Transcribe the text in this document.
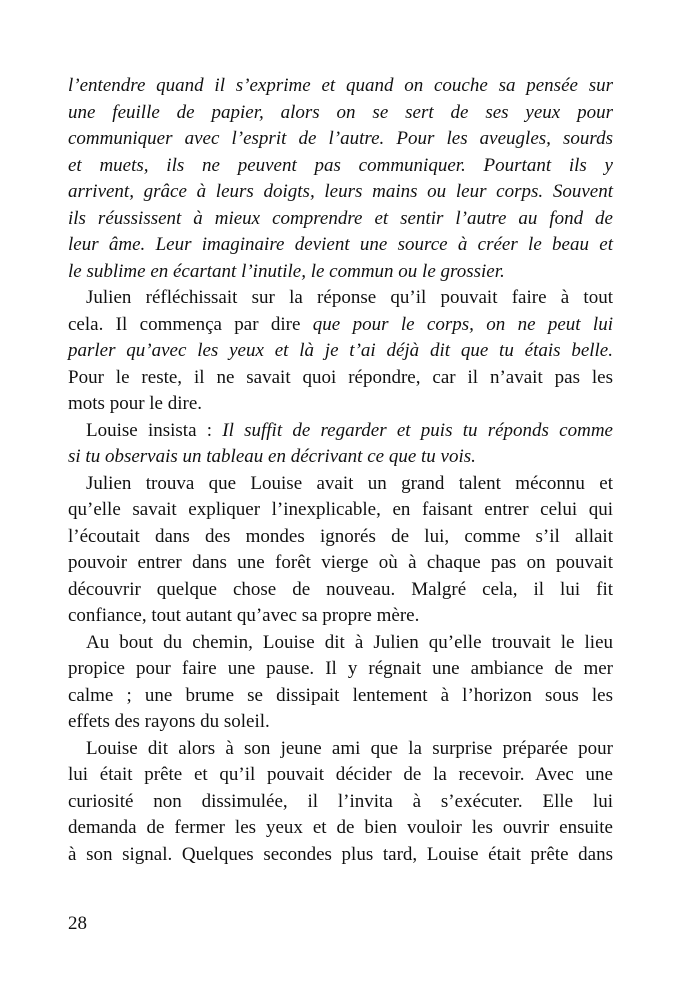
l’entendre quand il s’exprime et quand on couche sa pensée sur
une feuille de papier, alors on se sert de ses yeux pour
communiquer avec l’esprit de l’autre. Pour les aveugles, sourds
et muets, ils ne peuvent pas communiquer. Pourtant ils y
arrivent, grâce à leurs doigts, leurs mains ou leur corps. Souvent
ils réussissent à mieux comprendre et sentir l’autre au fond de
leur âme. Leur imaginaire devient une source à créer le beau et
le sublime en écartant l’inutile, le commun ou le grossier.
Julien réfléchissait sur la réponse qu’il pouvait faire à tout
cela. Il commença par dire que pour le corps, on ne peut lui
parler qu’avec les yeux et là je t’ai déjà dit que tu étais belle.
Pour le reste, il ne savait quoi répondre, car il n’avait pas les
mots pour le dire.
Louise insista : Il suffit de regarder et puis tu réponds comme
si tu observais un tableau en décrivant ce que tu vois.
Julien trouva que Louise avait un grand talent méconnu et
qu’elle savait expliquer l’inexplicable, en faisant entrer celui qui
l’écoutait dans des mondes ignorés de lui, comme s’il allait
pouvoir entrer dans une forêt vierge où à chaque pas on pouvait
découvrir quelque chose de nouveau. Malgré cela, il lui fit
confiance, tout autant qu’avec sa propre mère.
Au bout du chemin, Louise dit à Julien qu’elle trouvait le lieu
propice pour faire une pause. Il y régnait une ambiance de mer
calme ; une brume se dissipait lentement à l’horizon sous les
effets des rayons du soleil.
Louise dit alors à son jeune ami que la surprise préparée pour
lui était prête et qu’il pouvait décider de la recevoir. Avec une
curiosité non dissimulée, il l’invita à s’exécuter. Elle lui
demanda de fermer les yeux et de bien vouloir les ouvrir ensuite
à son signal. Quelques secondes plus tard, Louise était prête dans
28
